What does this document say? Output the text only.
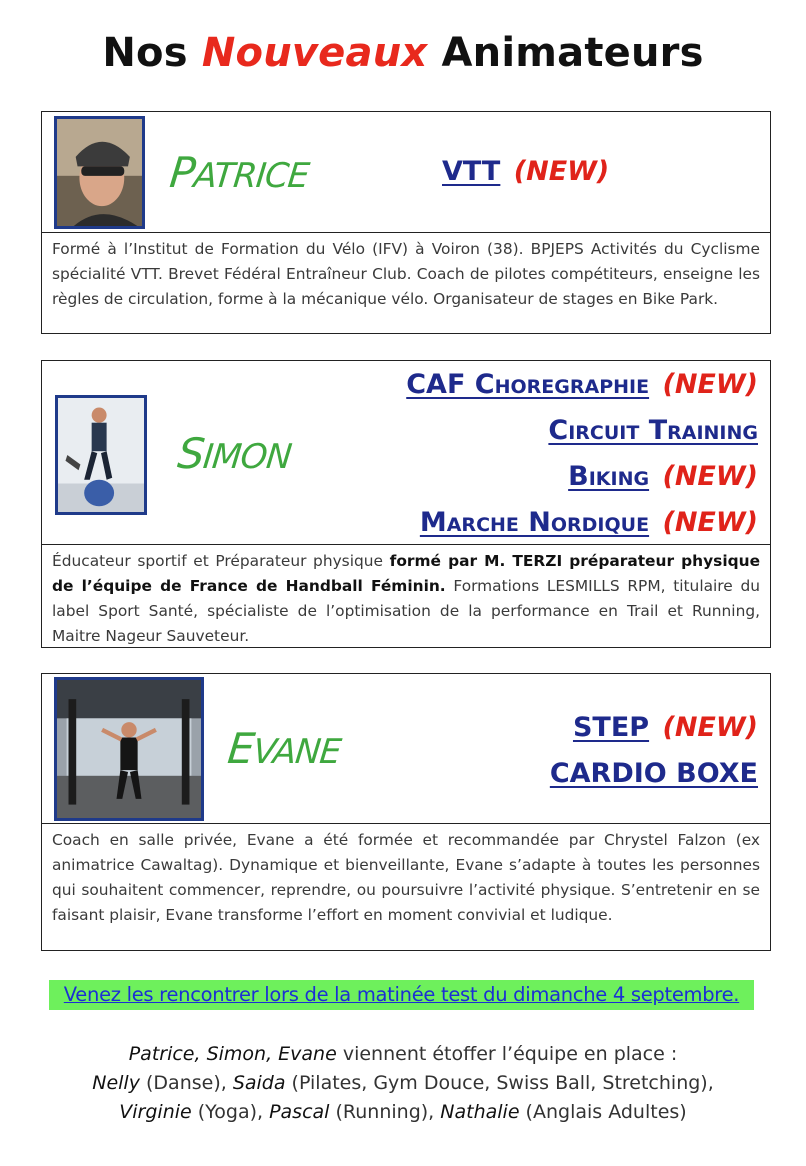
Nos Nouveaux Animateurs
PATRICE	VTT (NEW)
Formé à l’Institut de Formation du Vélo (IFV) à Voiron (38). BPJEPS Activités du Cyclisme spécialité VTT. Brevet Fédéral Entraîneur Club. Coach de pilotes compétiteurs, enseigne les règles de circulation, forme à la mécanique vélo. Organisateur de stages en Bike Park.
SIMON
CAF Choregraphie (NEW)
Circuit Training
Biking (NEW)
Marche Nordique (NEW)
Éducateur sportif et Préparateur physique formé par M. TERZI préparateur physique de l’équipe de France de Handball Féminin. Formations LESMILLS RPM, titulaire du label Sport Santé, spécialiste de l’optimisation de la performance en Trail et Running, Maitre Nageur Sauveteur.
EVANE
STEP (NEW)
CARDIO BOXE
Coach en salle privée, Evane a été formée et recommandée par Chrystel Falzon (ex animatrice Cawaltag). Dynamique et bienveillante, Evane s’adapte à toutes les personnes qui souhaitent commencer, reprendre, ou poursuivre l’activité physique. S’entretenir en se faisant plaisir, Evane transforme l’effort en moment convivial et ludique.
Venez les rencontrer lors de la matinée test du dimanche 4 septembre.
Patrice, Simon, Evane viennent étoffer l’équipe en place :
Nelly (Danse), Saida (Pilates, Gym Douce, Swiss Ball, Stretching),
Virginie (Yoga), Pascal (Running), Nathalie (Anglais Adultes)
